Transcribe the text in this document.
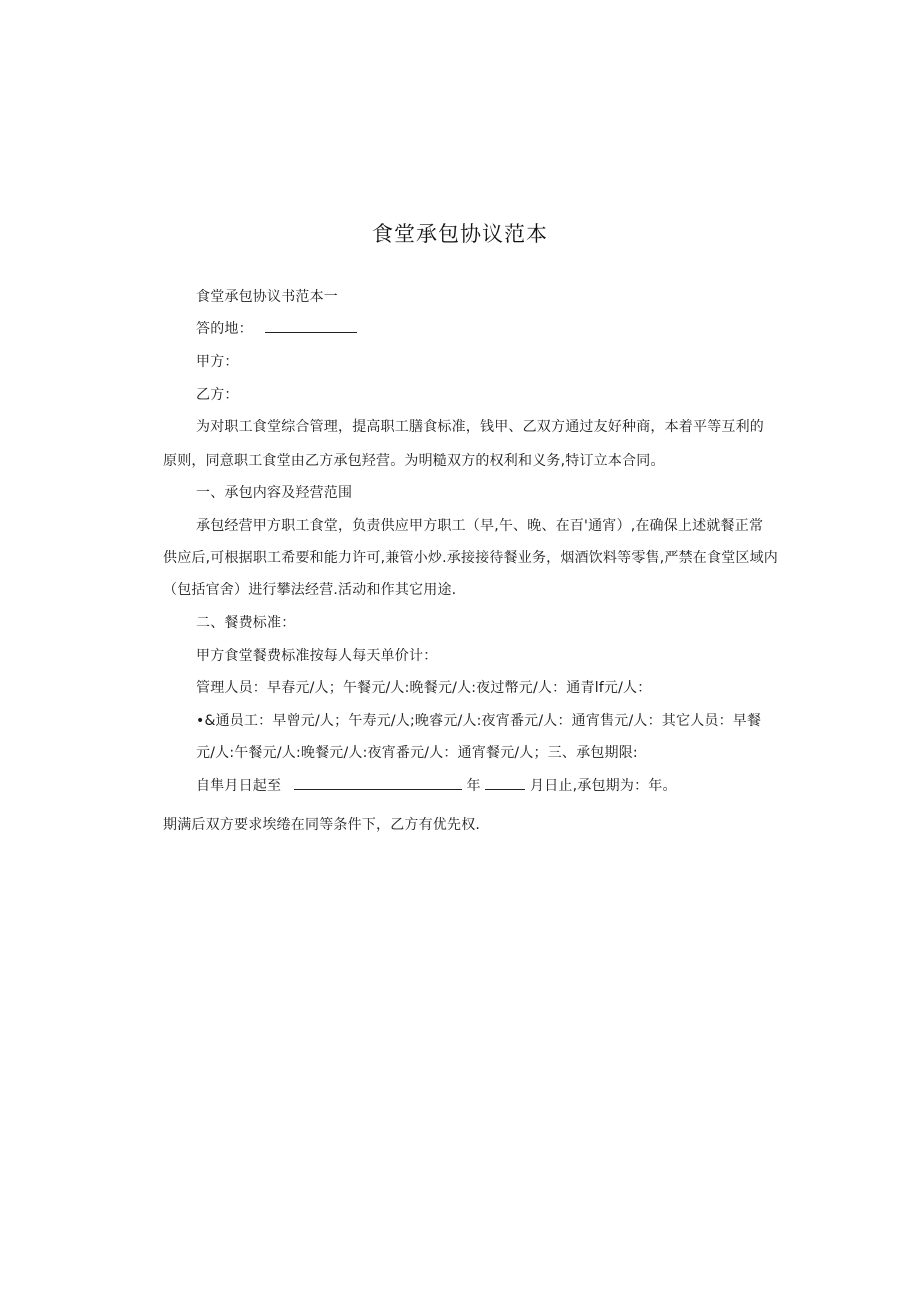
食堂承包协议范本
食堂承包协议书范本一
答的地：
甲方：
乙方：
为对职工食堂综合管理，提高职工膳食标准，钱甲、乙双方通过友好种商，本着平等互利的
原则，同意职工食堂由乙方承包羟营。为明糙双方的权利和义务,特订立本合同。
一、承包内容及羟营范围
承包经营甲方职工食堂，负责供应甲方职工（早,午、晚、在百'通宵）,在确保上述就餐正常
供应后,可根据职工希要和能力许可,兼管小炒.承接接待餐业务，烟酒饮料等零售,严禁在食堂区域内
（包括官舍）进行攀法经营.活动和作其它用途.
二、餐费标准：
甲方食堂餐费标准按每人每天单价计：
管理人员：早春元/人；午餐元/人:晚餐元/人:夜过幣元/人：通青lf元/人：
•&通员工：早曾元/人；午寿元/人;晚睿元/人:夜宵番元/人：通宵售元/人：其它人员：早餐
元/人:午餐元/人:晚餐元/人:夜宵番元/人：通宵餐元/人；三、承包期限:
自隼月日起至	年	月日止,承包期为：年。
期满后双方要求埃绻在同等条件下，乙方有优先权.
